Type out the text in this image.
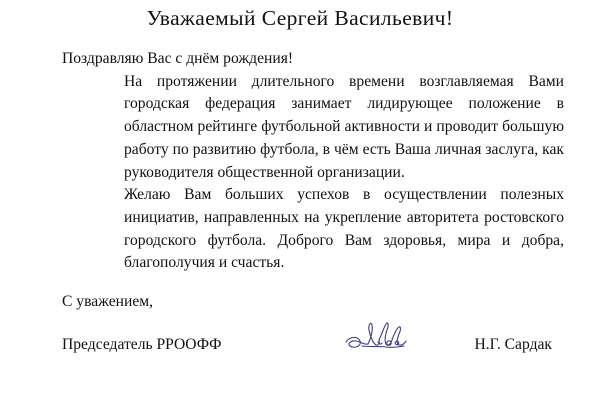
Уважаемый Сергей Васильевич!

Поздравляю Вас с днём рождения!

На протяжении длительного времени возглавляемая Вами городская федерация занимает лидирующее положение в областном рейтинге футбольной активности и проводит большую работу по развитию футбола, в чём есть Ваша личная заслуга, как руководителя общественной организации.

Желаю Вам больших успехов в осуществлении полезных инициатив, направленных на укрепление авторитета ростовского городского футбола. Доброго Вам здоровья, мира и добра, благополучия и счастья.

С уважением,
Председатель РРООФФ	Н.Г. Сардак
